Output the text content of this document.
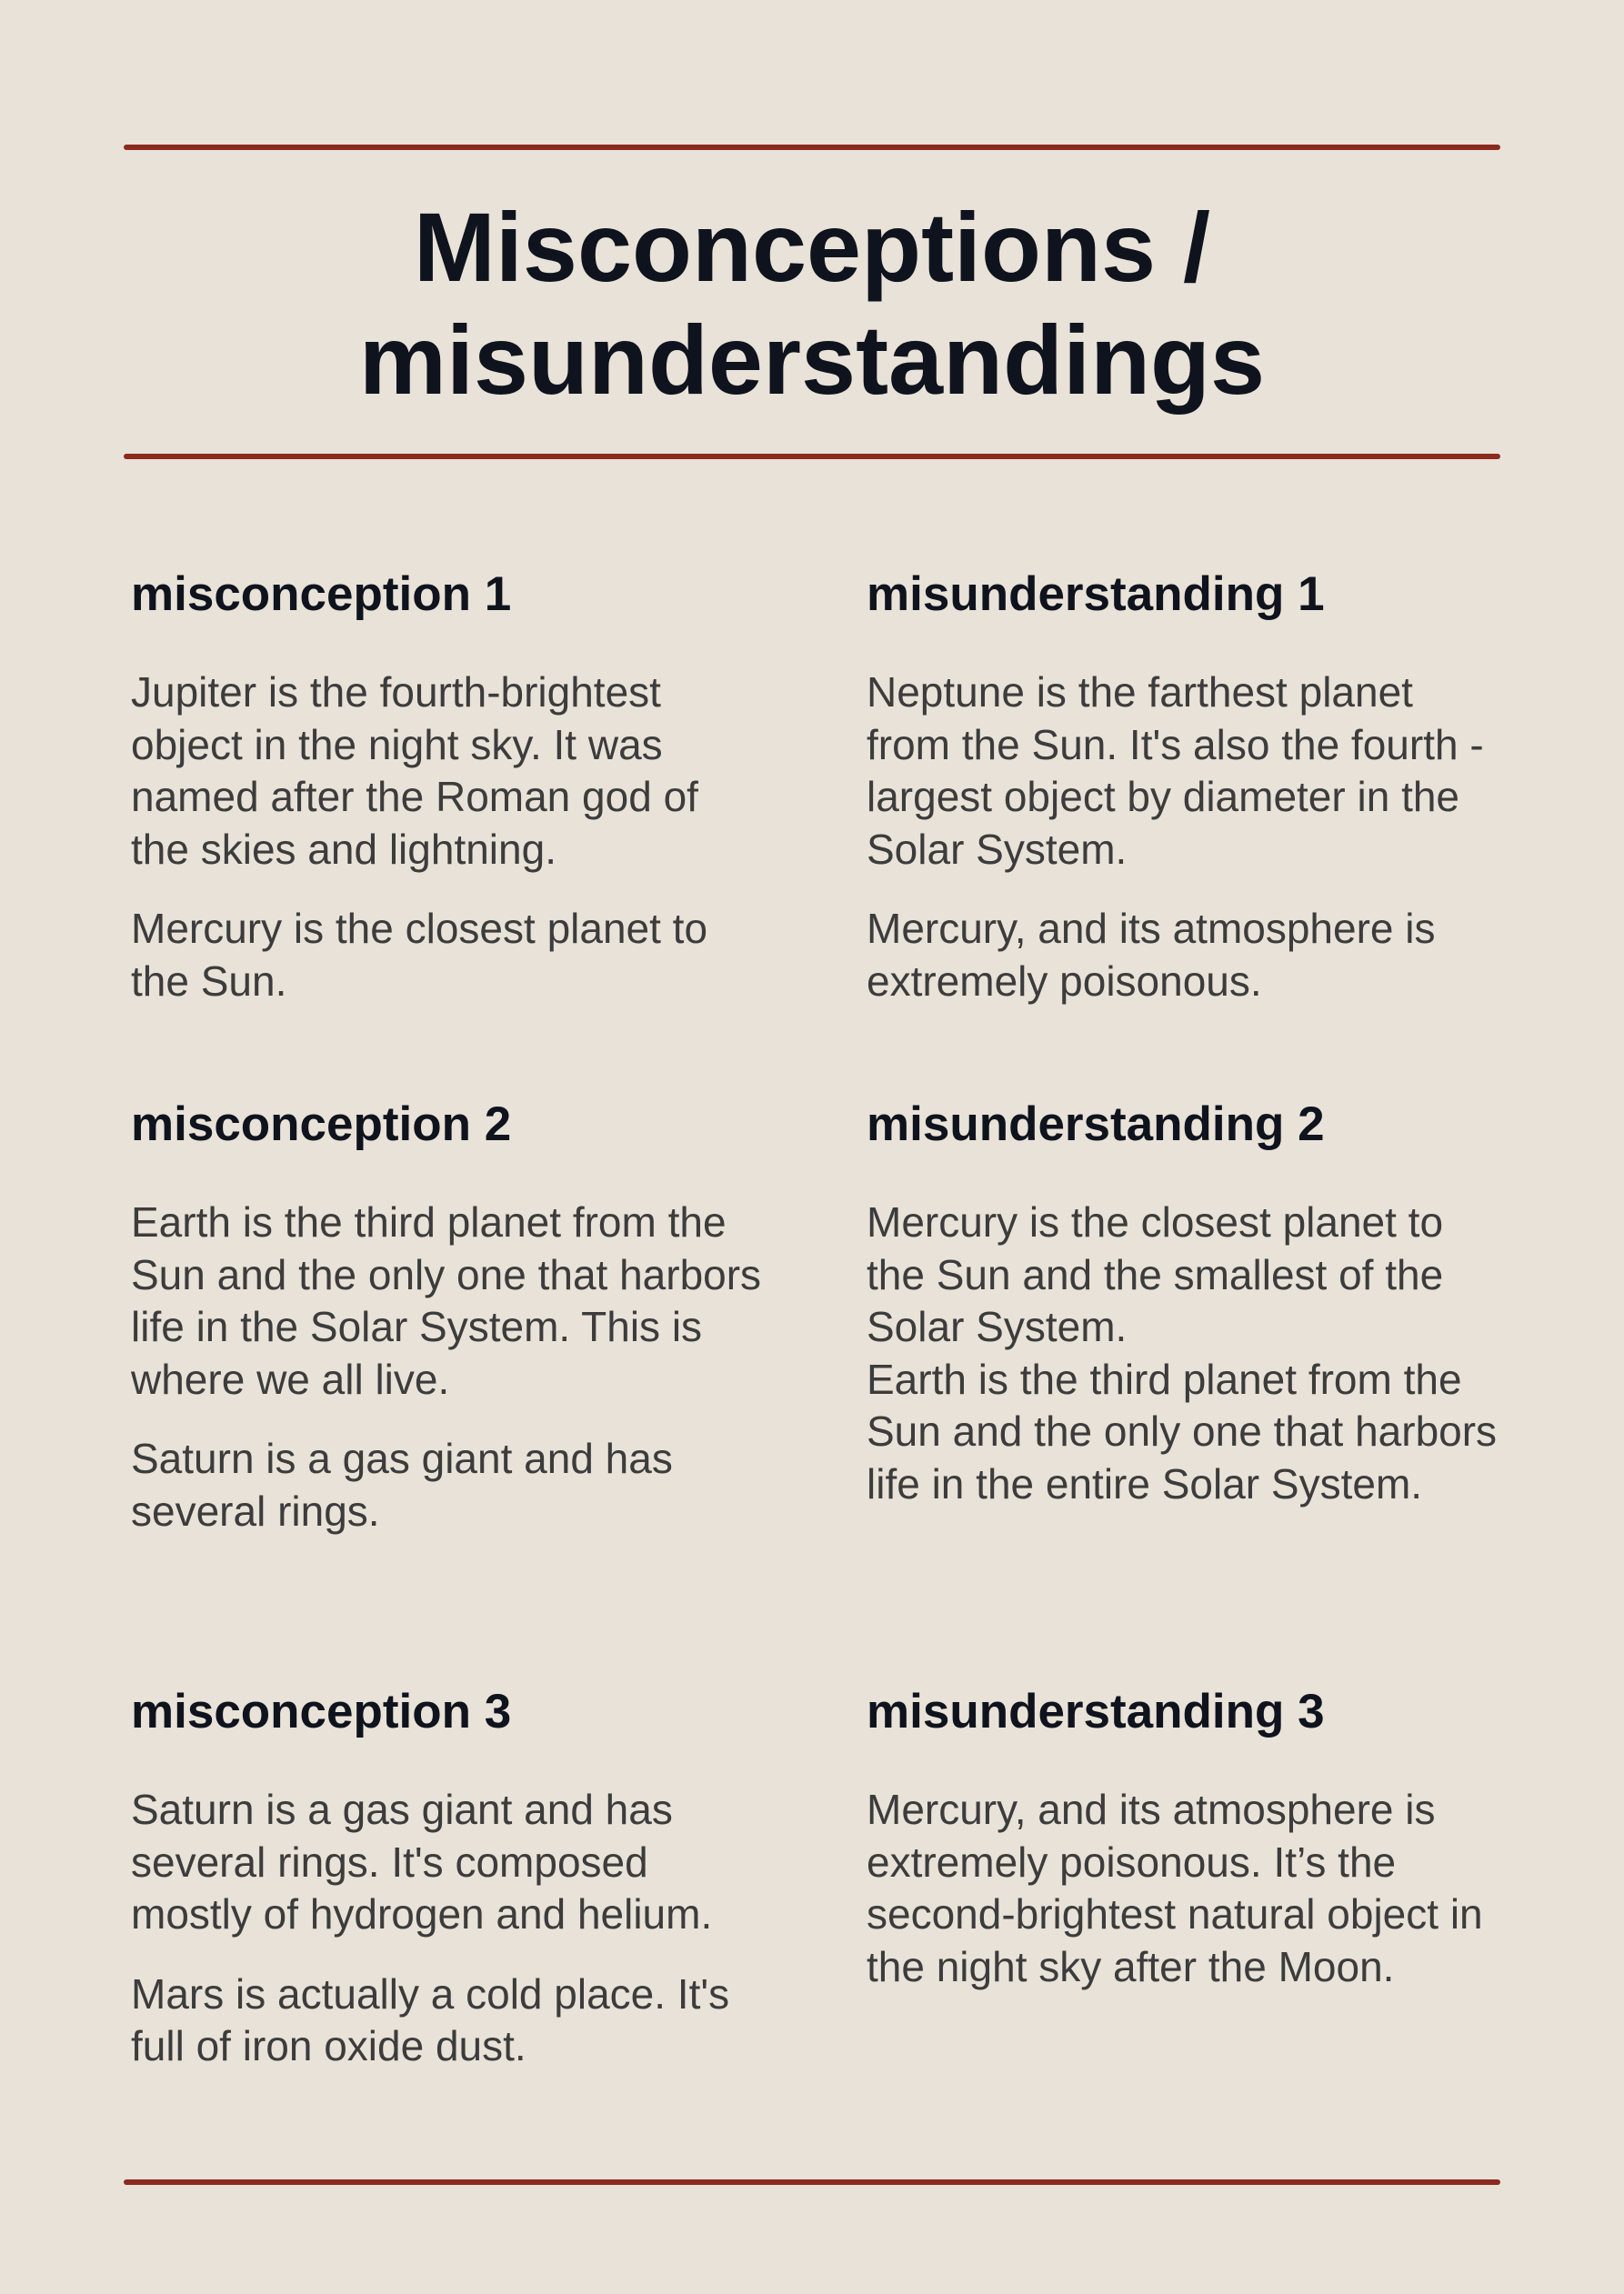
Misconceptions /
misunderstandings
misconception 1

Jupiter is the fourth-brightest object in the night sky. It was named after the Roman god of the skies and lightning.

Mercury is the closest planet to the Sun.

misconception 2

Earth is the third planet from the Sun and the only one that harbors life in the Solar System. This is where we all live.

Saturn is a gas giant and has several rings.

misconception 3

Saturn is a gas giant and has several rings. It's composed mostly of hydrogen and helium.

Mars is actually a cold place. It's full of iron oxide dust.

misunderstanding 1

Neptune is the farthest planet from the Sun. It's also the fourth -largest object by diameter in the Solar System.

Mercury, and its atmosphere is extremely poisonous.

misunderstanding 2

Mercury is the closest planet to the Sun and the smallest of the Solar System.

Earth is the third planet from the Sun and the only one that harbors life in the entire Solar System.

misunderstanding 3

Mercury, and its atmosphere is extremely poisonous. It’s the second-brightest natural object in the night sky after the Moon.
